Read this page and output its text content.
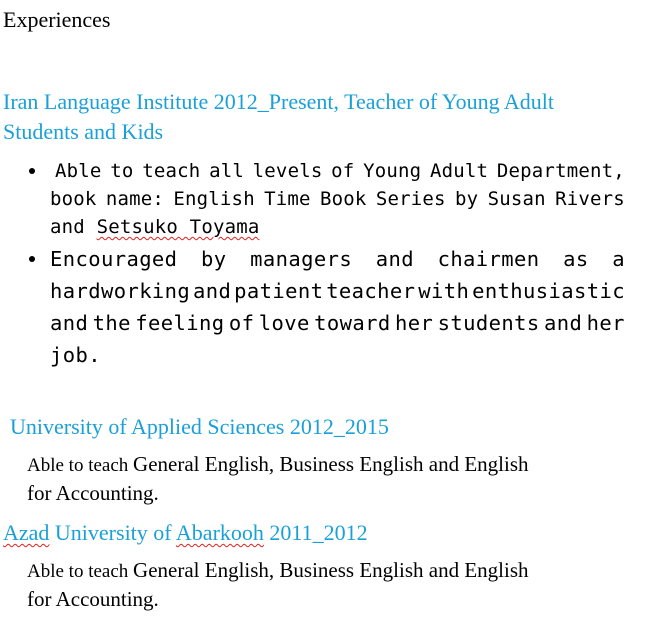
Experiences
Iran Language Institute 2012_Present, Teacher of Young Adult
Students and Kids
Able to teach all levels of Young Adult Department,
book name: English Time Book Series by Susan Rivers
and Setsuko Toyama
Encouraged by managers and chairmen as a
hardworking and patient teacher with enthusiastic
and the feeling of love toward her students and her
job.
University of Applied Sciences 2012_2015
Able to teach General English, Business English and English
for Accounting.
Azad University of Abarkooh 2011_2012
Able to teach General English, Business English and English
for Accounting.
